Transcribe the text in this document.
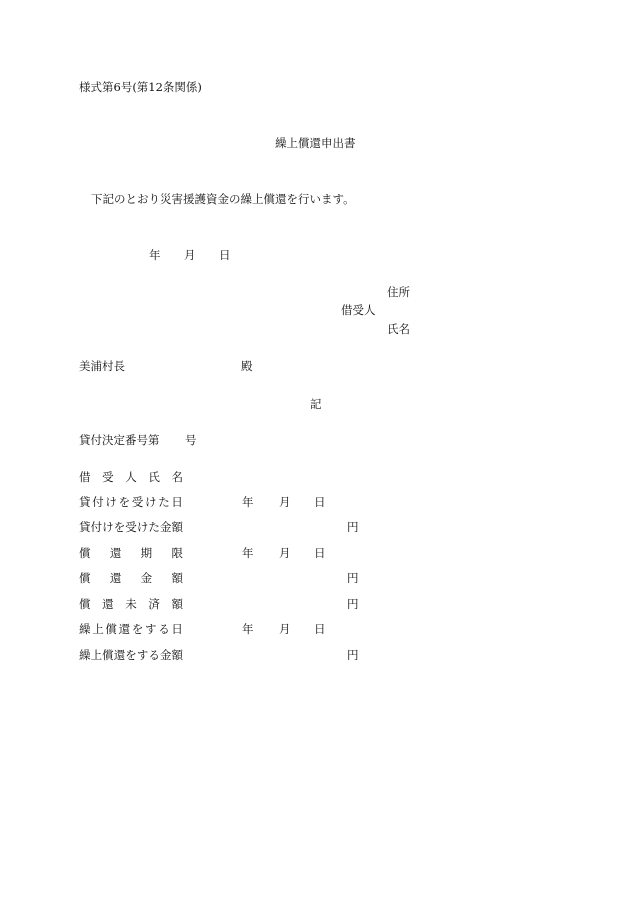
様式第6号(第12条関係)
繰上償還申出書
下記のとおり災害援護資金の繰上償還を行います。
年 月 日
住所
借受人
氏名
美浦村長	殿
記
貸付決定番号第 号
借 受 人 氏 名
貸 付 け を 受 け た 日	年 月 日
貸 付 け を 受 け た 金 額	円
償 還 期 限	年 月 日
償 還 金 額	円
償 還 未 済 額	円
繰 上 償 還 を す る 日	年 月 日
繰 上 償 還 を す る 金 額	円
